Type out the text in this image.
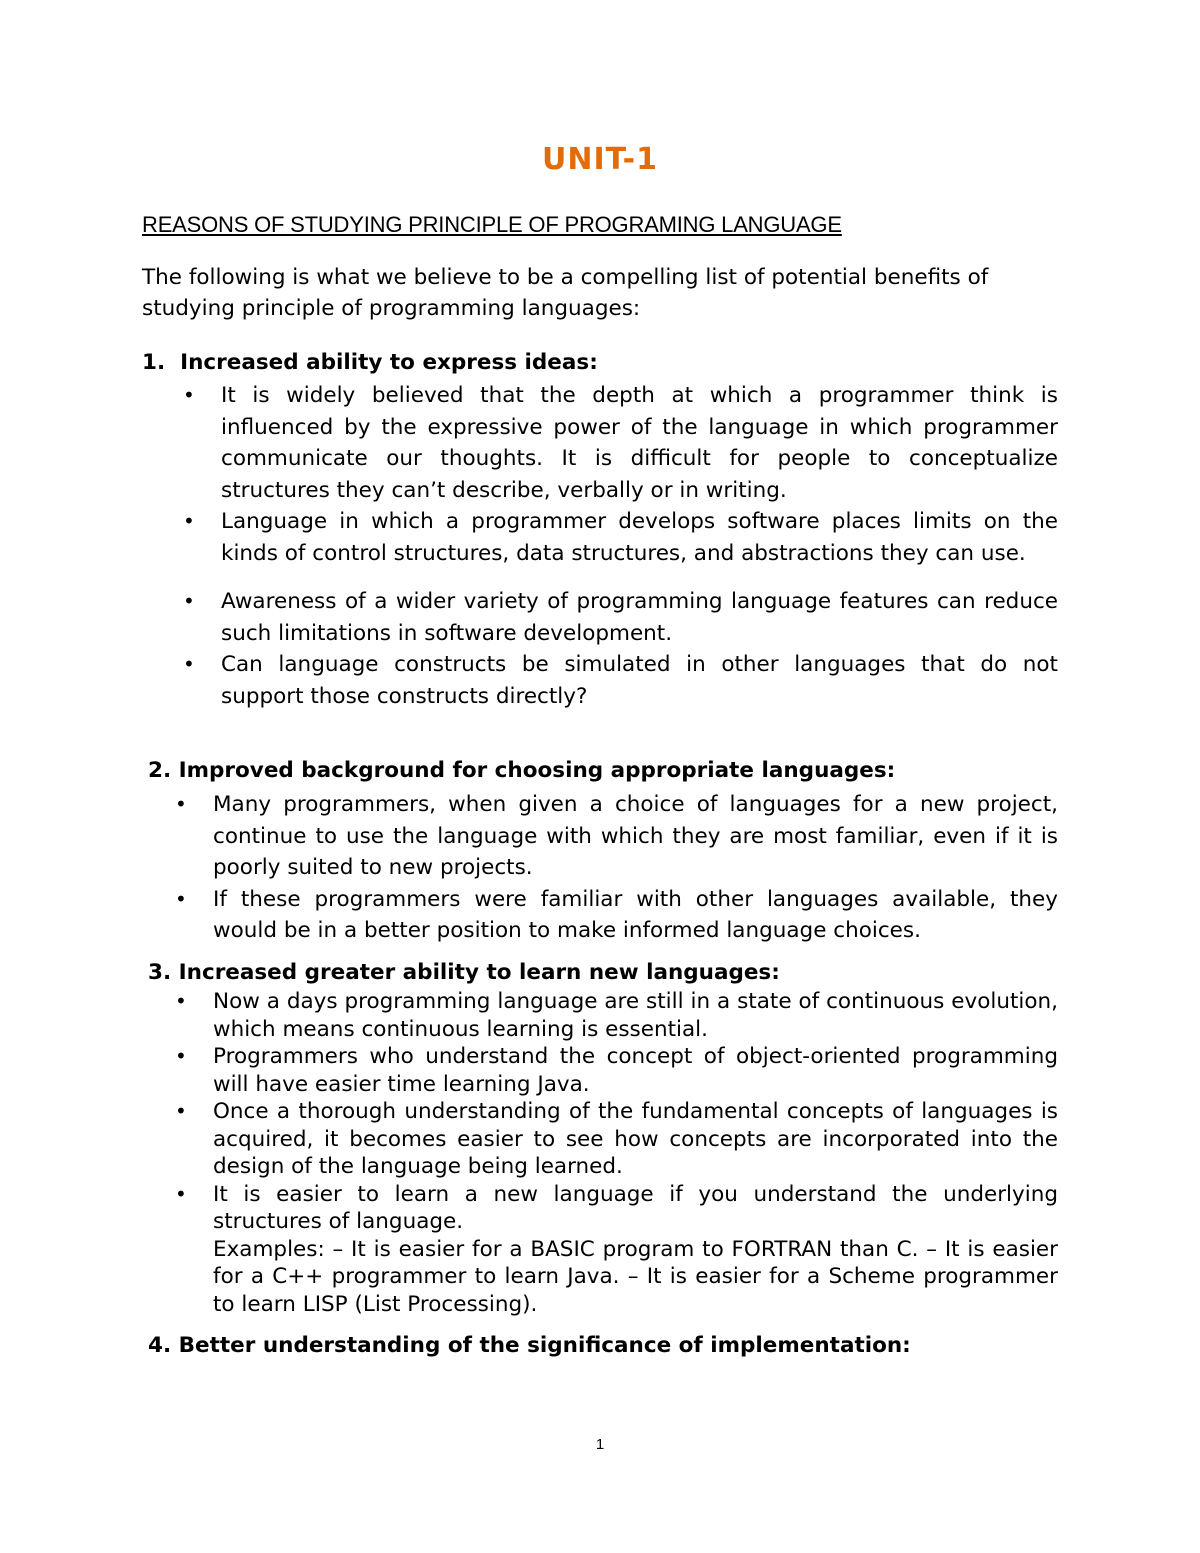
UNIT-1
REASONS OF STUDYING PRINCIPLE OF PROGRAMING LANGUAGE
The following is what we believe to be a compelling list of potential benefits of studying principle of programming languages:
1. Increased ability to express ideas:
• It is widely believed that the depth at which a programmer think is influenced by the expressive power of the language in which programmer communicate our thoughts. It is difficult for people to conceptualize structures they can’t describe, verbally or in writing.
• Language in which a programmer develops software places limits on the kinds of control structures, data structures, and abstractions they can use.
• Awareness of a wider variety of programming language features can reduce such limitations in software development.
• Can language constructs be simulated in other languages that do not support those constructs directly?
2. Improved background for choosing appropriate languages:
• Many programmers, when given a choice of languages for a new project, continue to use the language with which they are most familiar, even if it is poorly suited to new projects.
• If these programmers were familiar with other languages available, they would be in a better position to make informed language choices.
3. Increased greater ability to learn new languages:
• Now a days programming language are still in a state of continuous evolution, which means continuous learning is essential.
• Programmers who understand the concept of object-oriented programming will have easier time learning Java.
• Once a thorough understanding of the fundamental concepts of languages is acquired, it becomes easier to see how concepts are incorporated into the design of the language being learned.
• It is easier to learn a new language if you understand the underlying structures of language.
Examples: – It is easier for a BASIC program to FORTRAN than C. – It is easier for a C++ programmer to learn Java. – It is easier for a Scheme programmer to learn LISP (List Processing).
4. Better understanding of the significance of implementation:
1
